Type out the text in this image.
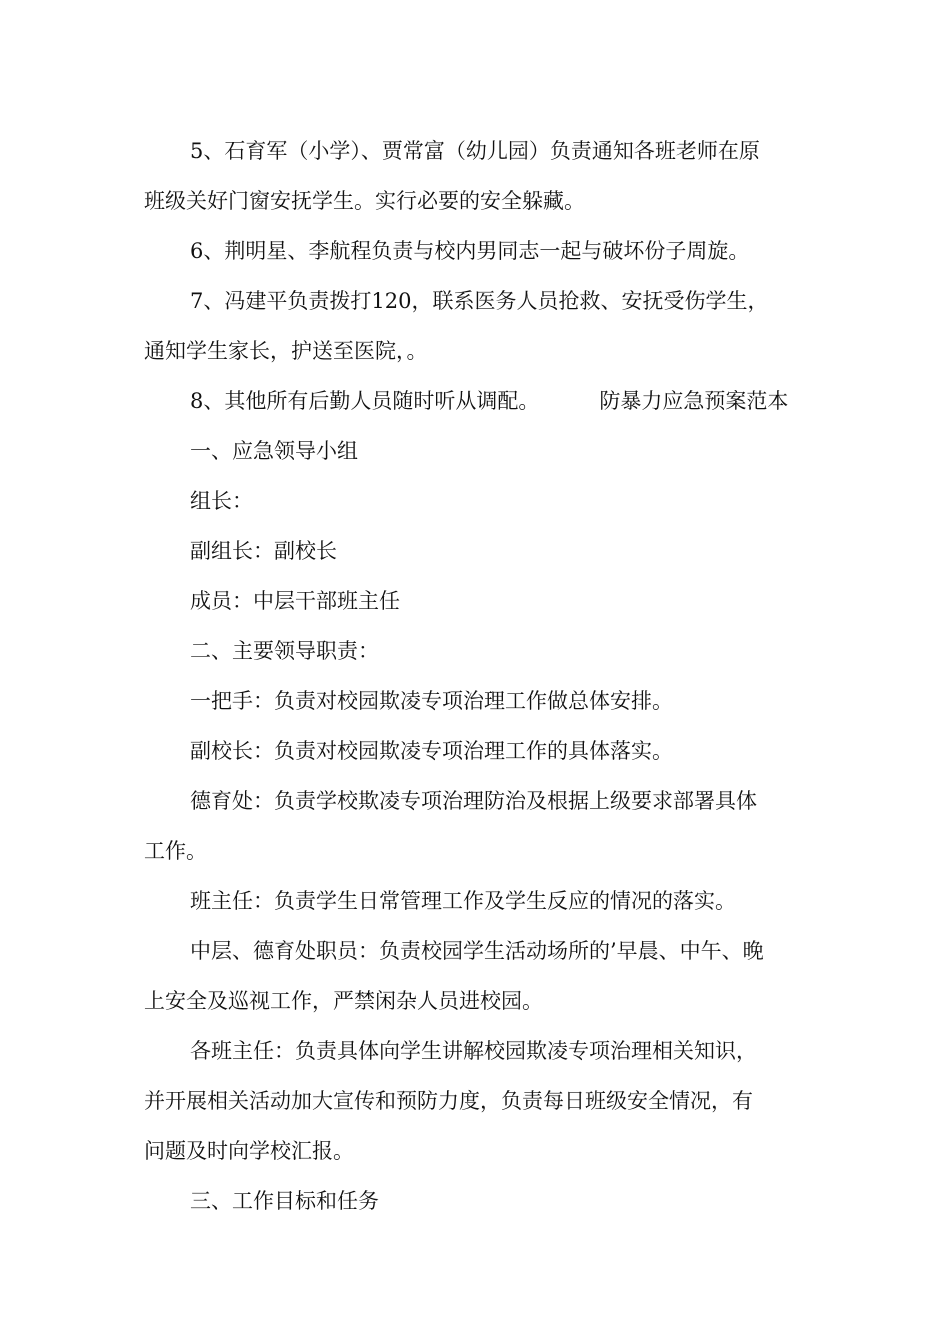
5、石育军（小学）、贾常富（幼儿园）负责通知各班老师在原
班级关好门窗安抚学生。实行必要的安全躲藏。
6、荆明星、李航程负责与校内男同志一起与破坏份子周旋。
7、冯建平负责拨打120，联系医务人员抢救、安抚受伤学生，
通知学生家长，护送至医院，。
8、其他所有后勤人员随时听从调配。	防暴力应急预案范本
一、应急领导小组
组长：
副组长：副校长
成员：中层干部班主任
二、主要领导职责：
一把手：负责对校园欺凌专项治理工作做总体安排。
副校长：负责对校园欺凌专项治理工作的具体落实。
德育处：负责学校欺凌专项治理防治及根据上级要求部署具体
工作。
班主任：负责学生日常管理工作及学生反应的情况的落实。
中层、德育处职员：负责校园学生活动场所的’早晨、中午、晚
上安全及巡视工作，严禁闲杂人员进校园。
各班主任：负责具体向学生讲解校园欺凌专项治理相关知识，
并开展相关活动加大宣传和预防力度，负责每日班级安全情况，有
问题及时向学校汇报。
三、工作目标和任务
